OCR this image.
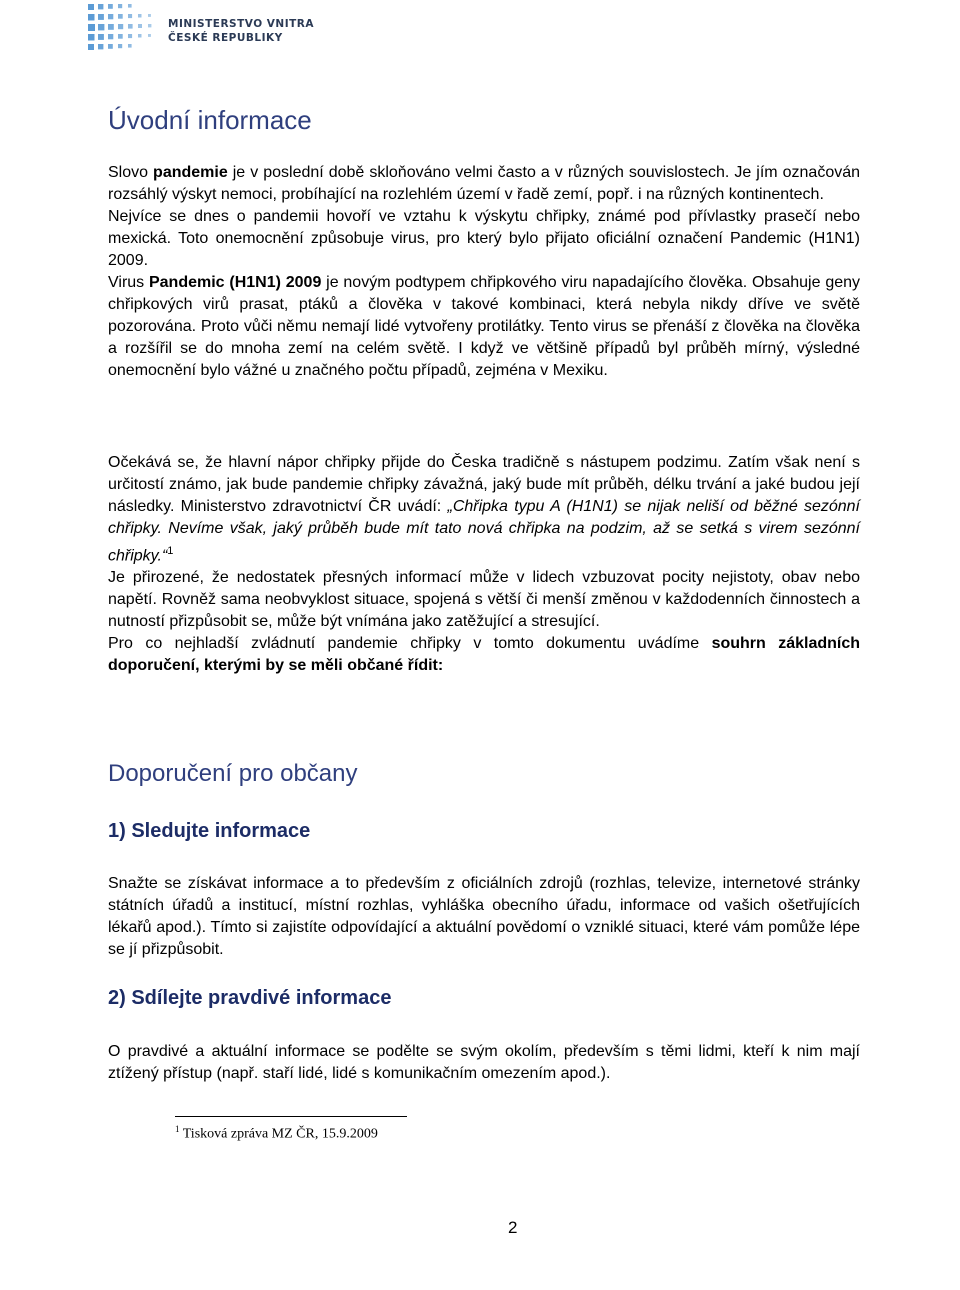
MINISTERSTVO VNITRA
ČESKÉ REPUBLIKY
Úvodní informace

Slovo pandemie je v poslední době skloňováno velmi často a v různých souvislostech. Je jím označován rozsáhlý výskyt nemoci, probíhající na rozlehlém území v řadě zemí, popř. i na různých kontinentech.

Nejvíce se dnes o pandemii hovoří ve vztahu k výskytu chřipky, známé pod přívlastky prasečí nebo mexická. Toto onemocnění způsobuje virus, pro který bylo přijato oficiální označení Pandemic (H1N1) 2009.

Virus Pandemic (H1N1) 2009 je novým podtypem chřipkového viru napadajícího člověka. Obsahuje geny chřipkových virů prasat, ptáků a člověka v takové kombinaci, která nebyla nikdy dříve ve světě pozorována. Proto vůči němu nemají lidé vytvořeny protilátky. Tento virus se přenáší z člověka na člověka a rozšířil se do mnoha zemí na celém světě. I když ve většině případů byl průběh mírný, výsledné onemocnění bylo vážné u značného počtu případů, zejména v Mexiku.

Očekává se, že hlavní nápor chřipky přijde do Česka tradičně s nástupem podzimu. Zatím však není s určitostí známo, jak bude pandemie chřipky závažná, jaký bude mít průběh, délku trvání a jaké budou její následky. Ministerstvo zdravotnictví ČR uvádí: „Chřipka typu A (H1N1) se nijak neliší od běžné sezónní chřipky. Nevíme však, jaký průběh bude mít tato nová chřipka na podzim, až se setká s virem sezónní chřipky.“$^1$

Je přirozené, že nedostatek přesných informací může v lidech vzbuzovat pocity nejistoty, obav nebo napětí. Rovněž sama neobvyklost situace, spojená s větší či menší změnou v každodenních činnostech a nutností přizpůsobit se, může být vnímána jako zatěžující a stresující.

Pro co nejhladší zvládnutí pandemie chřipky v tomto dokumentu uvádíme souhrn základních doporučení, kterými by se měli občané řídit:

Doporučení pro občany
1) Sledujte informace

Snažte se získávat informace a to především z oficiálních zdrojů (rozhlas, televize, internetové stránky státních úřadů a institucí, místní rozhlas, vyhláška obecního úřadu, informace od vašich ošetřujících lékařů apod.). Tímto si zajistíte odpovídající a aktuální povědomí o vzniklé situaci, které vám pomůže lépe se jí přizpůsobit.

2) Sdílejte pravdivé informace

O pravdivé a aktuální informace se podělte se svým okolím, především s těmi lidmi, kteří k nim mají ztížený přístup (např. staří lidé, lidé s komunikačním omezením apod.).

$^1$ Tisková zpráva MZ ČR, 15.9.2009
2
